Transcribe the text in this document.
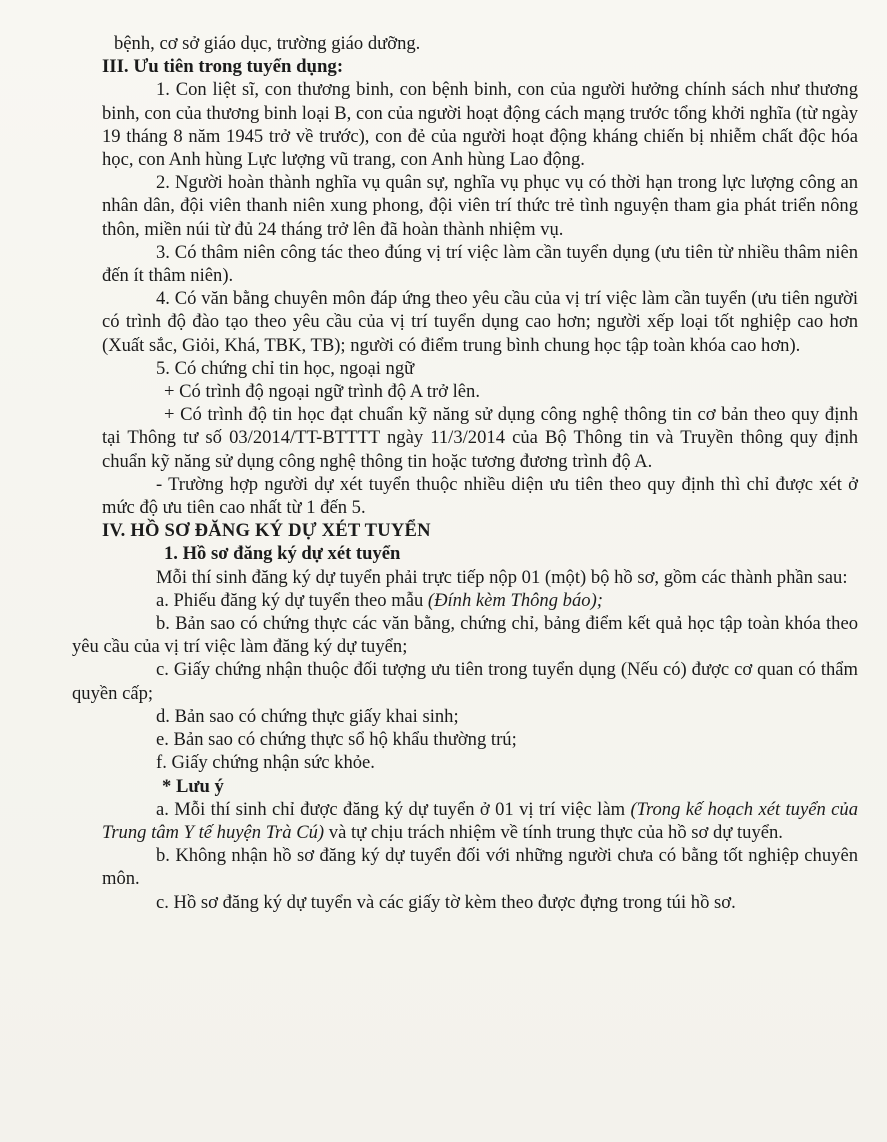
bệnh, cơ sở giáo dục, trường giáo dưỡng.

III. Ưu tiên trong tuyển dụng:

1. Con liệt sĩ, con thương binh, con bệnh binh, con của người hưởng chính sách như thương binh, con của thương binh loại B, con của người hoạt động cách mạng trước tổng khởi nghĩa (từ ngày 19 tháng 8 năm 1945 trở về trước), con đẻ của người hoạt động kháng chiến bị nhiễm chất độc hóa học, con Anh hùng Lực lượng vũ trang, con Anh hùng Lao động.

2. Người hoàn thành nghĩa vụ quân sự, nghĩa vụ phục vụ có thời hạn trong lực lượng công an nhân dân, đội viên thanh niên xung phong, đội viên trí thức trẻ tình nguyện tham gia phát triển nông thôn, miền núi từ đủ 24 tháng trở lên đã hoàn thành nhiệm vụ.

3. Có thâm niên công tác theo đúng vị trí việc làm cần tuyển dụng (ưu tiên từ nhiều thâm niên đến ít thâm niên).

4. Có văn bằng chuyên môn đáp ứng theo yêu cầu của vị trí việc làm cần tuyển (ưu tiên người có trình độ đào tạo theo yêu cầu của vị trí tuyển dụng cao hơn; người xếp loại tốt nghiệp cao hơn (Xuất sắc, Giỏi, Khá, TBK, TB); người có điểm trung bình chung học tập toàn khóa cao hơn).

5. Có chứng chỉ tin học, ngoại ngữ

+ Có trình độ ngoại ngữ trình độ A trở lên.

+ Có trình độ tin học đạt chuẩn kỹ năng sử dụng công nghệ thông tin cơ bản theo quy định tại Thông tư số 03/2014/TT-BTTTT ngày 11/3/2014 của Bộ Thông tin và Truyền thông quy định chuẩn kỹ năng sử dụng công nghệ thông tin hoặc tương đương trình độ A.

- Trường hợp người dự xét tuyển thuộc nhiều diện ưu tiên theo quy định thì chỉ được xét ở mức độ ưu tiên cao nhất từ 1 đến 5.

IV. HỒ SƠ ĐĂNG KÝ DỰ XÉT TUYỂN

1. Hồ sơ đăng ký dự xét tuyển

Mỗi thí sinh đăng ký dự tuyển phải trực tiếp nộp 01 (một) bộ hồ sơ, gồm các thành phần sau:

a. Phiếu đăng ký dự tuyển theo mẫu (Đính kèm Thông báo);

b. Bản sao có chứng thực các văn bằng, chứng chỉ, bảng điểm kết quả học tập toàn khóa theo yêu cầu của vị trí việc làm đăng ký dự tuyển;

c. Giấy chứng nhận thuộc đối tượng ưu tiên trong tuyển dụng (Nếu có) được cơ quan có thẩm quyền cấp;

d. Bản sao có chứng thực giấy khai sinh;

e. Bản sao có chứng thực sổ hộ khẩu thường trú;

f. Giấy chứng nhận sức khỏe.

* Lưu ý

a. Mỗi thí sinh chỉ được đăng ký dự tuyển ở 01 vị trí việc làm (Trong kế hoạch xét tuyển của Trung tâm Y tế huyện Trà Cú) và tự chịu trách nhiệm về tính trung thực của hồ sơ dự tuyển.

b. Không nhận hồ sơ đăng ký dự tuyển đối với những người chưa có bằng tốt nghiệp chuyên môn.

c. Hồ sơ đăng ký dự tuyển và các giấy tờ kèm theo được đựng trong túi hồ sơ.
